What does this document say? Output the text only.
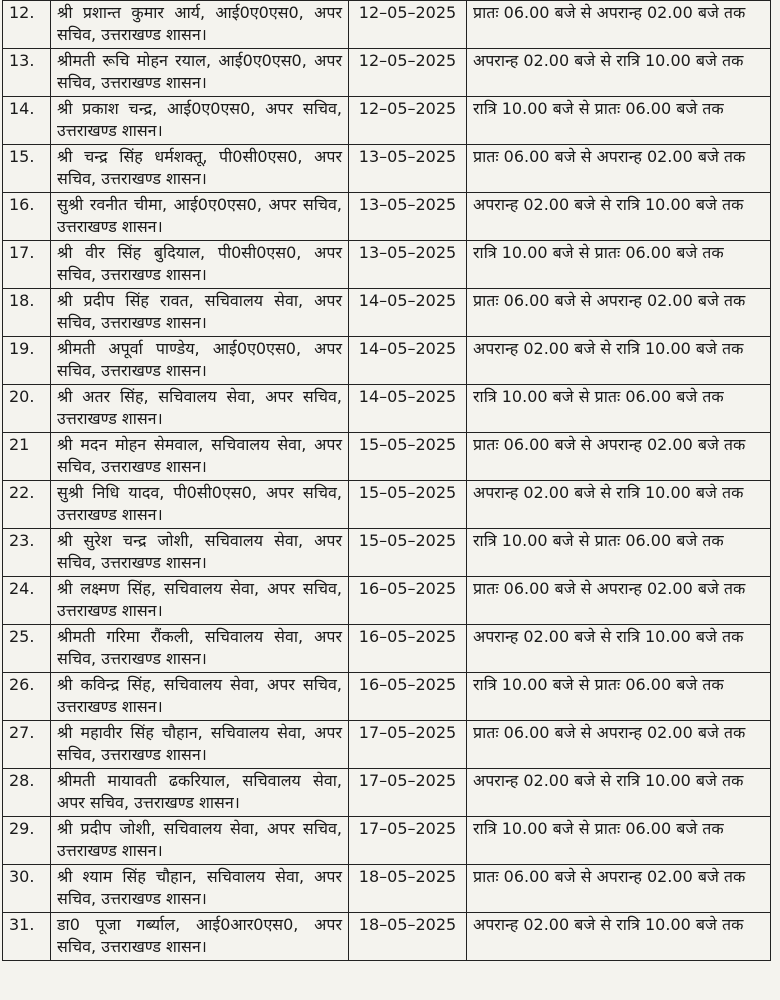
12.	श्री प्रशान्त कुमार आर्य, आई0ए0एस0, अपर सचिव, उत्तराखण्ड शासन।	12–05–2025	प्रातः 06.00 बजे से अपरान्ह 02.00 बजे तक
13.	श्रीमती रूचि मोहन रयाल, आई0ए0एस0, अपर सचिव, उत्तराखण्ड शासन।	12–05–2025	अपरान्ह 02.00 बजे से रात्रि 10.00 बजे तक
14.	श्री प्रकाश चन्द्र, आई0ए0एस0, अपर सचिव, उत्तराखण्ड शासन।	12–05–2025	रात्रि 10.00 बजे से प्रातः 06.00 बजे तक
15.	श्री चन्द्र सिंह धर्मशक्तू, पी0सी0एस0, अपर सचिव, उत्तराखण्ड शासन।	13–05–2025	प्रातः 06.00 बजे से अपरान्ह 02.00 बजे तक
16.	सुश्री रवनीत चीमा, आई0ए0एस0, अपर सचिव, उत्तराखण्ड शासन।	13–05–2025	अपरान्ह 02.00 बजे से रात्रि 10.00 बजे तक
17.	श्री वीर सिंह बुदियाल, पी0सी0एस0, अपर सचिव, उत्तराखण्ड शासन।	13–05–2025	रात्रि 10.00 बजे से प्रातः 06.00 बजे तक
18.	श्री प्रदीप सिंह रावत, सचिवालय सेवा, अपर सचिव, उत्तराखण्ड शासन।	14–05–2025	प्रातः 06.00 बजे से अपरान्ह 02.00 बजे तक
19.	श्रीमती अपूर्वा पाण्डेय, आई0ए0एस0, अपर सचिव, उत्तराखण्ड शासन।	14–05–2025	अपरान्ह 02.00 बजे से रात्रि 10.00 बजे तक
20.	श्री अतर सिंह, सचिवालय सेवा, अपर सचिव, उत्तराखण्ड शासन।	14–05–2025	रात्रि 10.00 बजे से प्रातः 06.00 बजे तक
21	श्री मदन मोहन सेमवाल, सचिवालय सेवा, अपर सचिव, उत्तराखण्ड शासन।	15–05–2025	प्रातः 06.00 बजे से अपरान्ह 02.00 बजे तक
22.	सुश्री निधि यादव, पी0सी0एस0, अपर सचिव, उत्तराखण्ड शासन।	15–05–2025	अपरान्ह 02.00 बजे से रात्रि 10.00 बजे तक
23.	श्री सुरेश चन्द्र जोशी, सचिवालय सेवा, अपर सचिव, उत्तराखण्ड शासन।	15–05–2025	रात्रि 10.00 बजे से प्रातः 06.00 बजे तक
24.	श्री लक्ष्मण सिंह, सचिवालय सेवा, अपर सचिव, उत्तराखण्ड शासन।	16–05–2025	प्रातः 06.00 बजे से अपरान्ह 02.00 बजे तक
25.	श्रीमती गरिमा रौंकली, सचिवालय सेवा, अपर सचिव, उत्तराखण्ड शासन।	16–05–2025	अपरान्ह 02.00 बजे से रात्रि 10.00 बजे तक
26.	श्री कविन्द्र सिंह, सचिवालय सेवा, अपर सचिव, उत्तराखण्ड शासन।	16–05–2025	रात्रि 10.00 बजे से प्रातः 06.00 बजे तक
27.	श्री महावीर सिंह चौहान, सचिवालय सेवा, अपर सचिव, उत्तराखण्ड शासन।	17–05–2025	प्रातः 06.00 बजे से अपरान्ह 02.00 बजे तक
28.	श्रीमती मायावती ढकरियाल, सचिवालय सेवा, अपर सचिव, उत्तराखण्ड शासन।	17–05–2025	अपरान्ह 02.00 बजे से रात्रि 10.00 बजे तक
29.	श्री प्रदीप जोशी, सचिवालय सेवा, अपर सचिव, उत्तराखण्ड शासन।	17–05–2025	रात्रि 10.00 बजे से प्रातः 06.00 बजे तक
30.	श्री श्याम सिंह चौहान, सचिवालय सेवा, अपर सचिव, उत्तराखण्ड शासन।	18–05–2025	प्रातः 06.00 बजे से अपरान्ह 02.00 बजे तक
31.	डा0 पूजा गर्ब्याल, आई0आर0एस0, अपर सचिव, उत्तराखण्ड शासन।	18–05–2025	अपरान्ह 02.00 बजे से रात्रि 10.00 बजे तक
